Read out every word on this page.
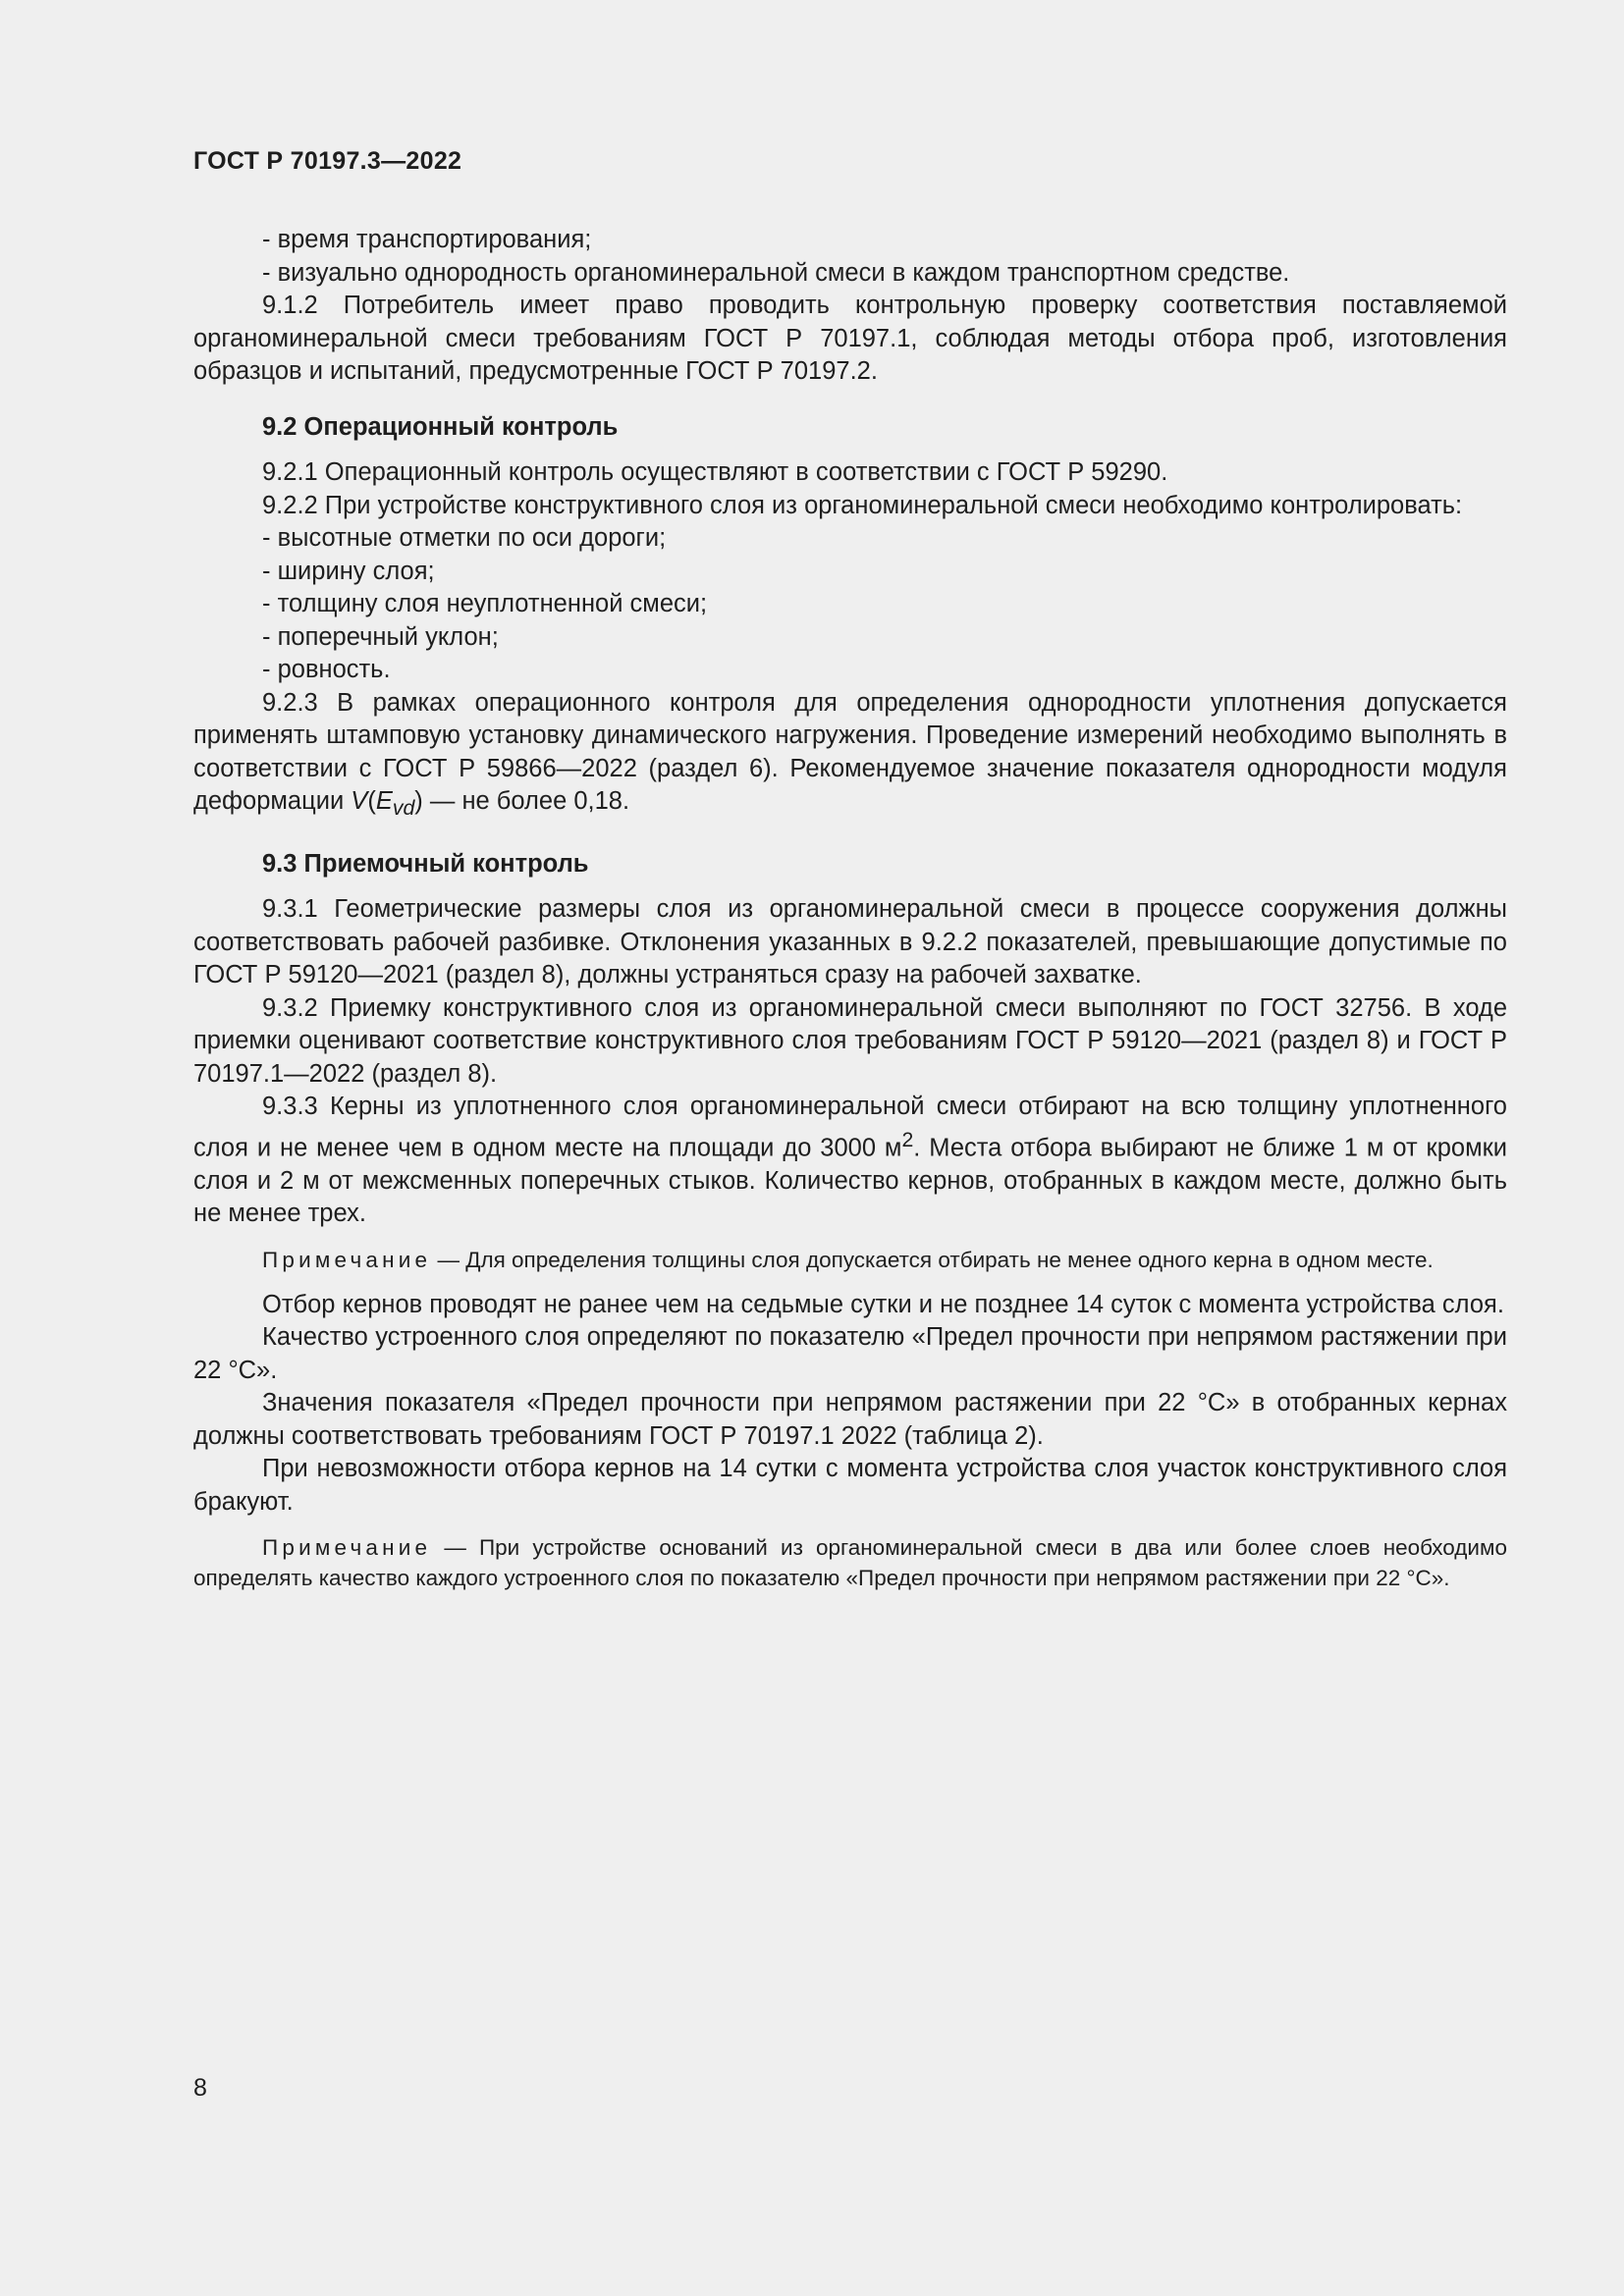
ГОСТ Р 70197.3—2022

- время транспортирования;

- визуально однородность органоминеральной смеси в каждом транспортном средстве.

9.1.2 Потребитель имеет право проводить контрольную проверку соответствия поставляемой органоминеральной смеси требованиям ГОСТ Р 70197.1, соблюдая методы отбора проб, изготовления образцов и испытаний, предусмотренные ГОСТ Р 70197.2.

9.2 Операционный контроль

9.2.1 Операционный контроль осуществляют в соответствии с ГОСТ Р 59290.

9.2.2 При устройстве конструктивного слоя из органоминеральной смеси необходимо контролировать:

- высотные отметки по оси дороги;

- ширину слоя;

- толщину слоя неуплотненной смеси;

- поперечный уклон;

- ровность.

9.2.3 В рамках операционного контроля для определения однородности уплотнения допускается применять штамповую установку динамического нагружения. Проведение измерений необходимо выполнять в соответствии с ГОСТ Р 59866—2022 (раздел 6). Рекомендуемое значение показателя однородности модуля деформации $V(E_{vd})$ — не более 0,18.

9.3 Приемочный контроль

9.3.1 Геометрические размеры слоя из органоминеральной смеси в процессе сооружения должны соответствовать рабочей разбивке. Отклонения указанных в 9.2.2 показателей, превышающие допустимые по ГОСТ Р 59120—2021 (раздел 8), должны устраняться сразу на рабочей захватке.

9.3.2 Приемку конструктивного слоя из органоминеральной смеси выполняют по ГОСТ 32756. В ходе приемки оценивают соответствие конструктивного слоя требованиям ГОСТ Р 59120—2021 (раздел 8) и ГОСТ Р 70197.1—2022 (раздел 8).

9.3.3 Керны из уплотненного слоя органоминеральной смеси отбирают на всю толщину уплотненного слоя и не менее чем в одном месте на площади до 3000 $м^2$. Места отбора выбирают не ближе 1 м от кромки слоя и 2 м от межсменных поперечных стыков. Количество кернов, отобранных в каждом месте, должно быть не менее трех.

Примечание — Для определения толщины слоя допускается отбирать не менее одного керна в одном месте.

Отбор кернов проводят не ранее чем на седьмые сутки и не позднее 14 суток с момента устройства слоя.

Качество устроенного слоя определяют по показателю «Предел прочности при непрямом растяжении при 22 °С».

Значения показателя «Предел прочности при непрямом растяжении при 22 °С» в отобранных кернах должны соответствовать требованиям ГОСТ Р 70197.1 2022 (таблица 2).

При невозможности отбора кернов на 14 сутки с момента устройства слоя участок конструктивного слоя бракуют.

Примечание — При устройстве оснований из органоминеральной смеси в два или более слоев необходимо определять качество каждого устроенного слоя по показателю «Предел прочности при непрямом растяжении при 22 °С».

8
